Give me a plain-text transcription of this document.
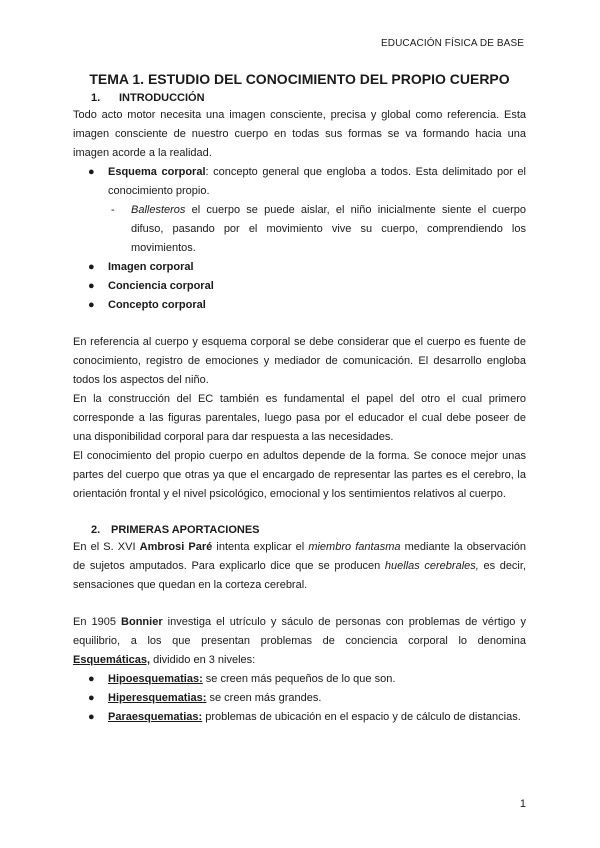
EDUCACIÓN FÍSICA DE BASE
TEMA 1. ESTUDIO DEL CONOCIMIENTO DEL PROPIO CUERPO
1.	INTRODUCCIÓN

Todo acto motor necesita una imagen consciente, precisa y global como referencia. Esta imagen consciente de nuestro cuerpo en todas sus formas se va formando hacia una imagen acorde a la realidad.

● Esquema corporal: concepto general que engloba a todos. Esta delimitado por el conocimiento propio.
- Ballesteros el cuerpo se puede aislar, el niño inicialmente siente el cuerpo difuso, pasando por el movimiento vive su cuerpo, comprendiendo los movimientos.
● Imagen corporal
● Conciencia corporal
● Concepto corporal

En referencia al cuerpo y esquema corporal se debe considerar que el cuerpo es fuente de conocimiento, registro de emociones y mediador de comunicación. El desarrollo engloba todos los aspectos del niño.

En la construcción del EC también es fundamental el papel del otro el cual primero corresponde a las figuras parentales, luego pasa por el educador el cual debe poseer de una disponibilidad corporal para dar respuesta a las necesidades.

El conocimiento del propio cuerpo en adultos depende de la forma. Se conoce mejor unas partes del cuerpo que otras ya que el encargado de representar las partes es el cerebro, la orientación frontal y el nivel psicológico, emocional y los sentimientos relativos al cuerpo.

2. PRIMERAS APORTACIONES

En el S. XVI Ambrosi Paré intenta explicar el miembro fantasma mediante la observación de sujetos amputados. Para explicarlo dice que se producen huellas cerebrales, es decir, sensaciones que quedan en la corteza cerebral.

En 1905 Bonnier investiga el utrículo y sáculo de personas con problemas de vértigo y equilibrio, a los que presentan problemas de conciencia corporal lo denomina Esquemáticas, dividido en 3 niveles:

● Hipoesquematias: se creen más pequeños de lo que son.
● Hiperesquematias: se creen más grandes.
● Paraesquematias: problemas de ubicación en el espacio y de cálculo de distancias.
1
